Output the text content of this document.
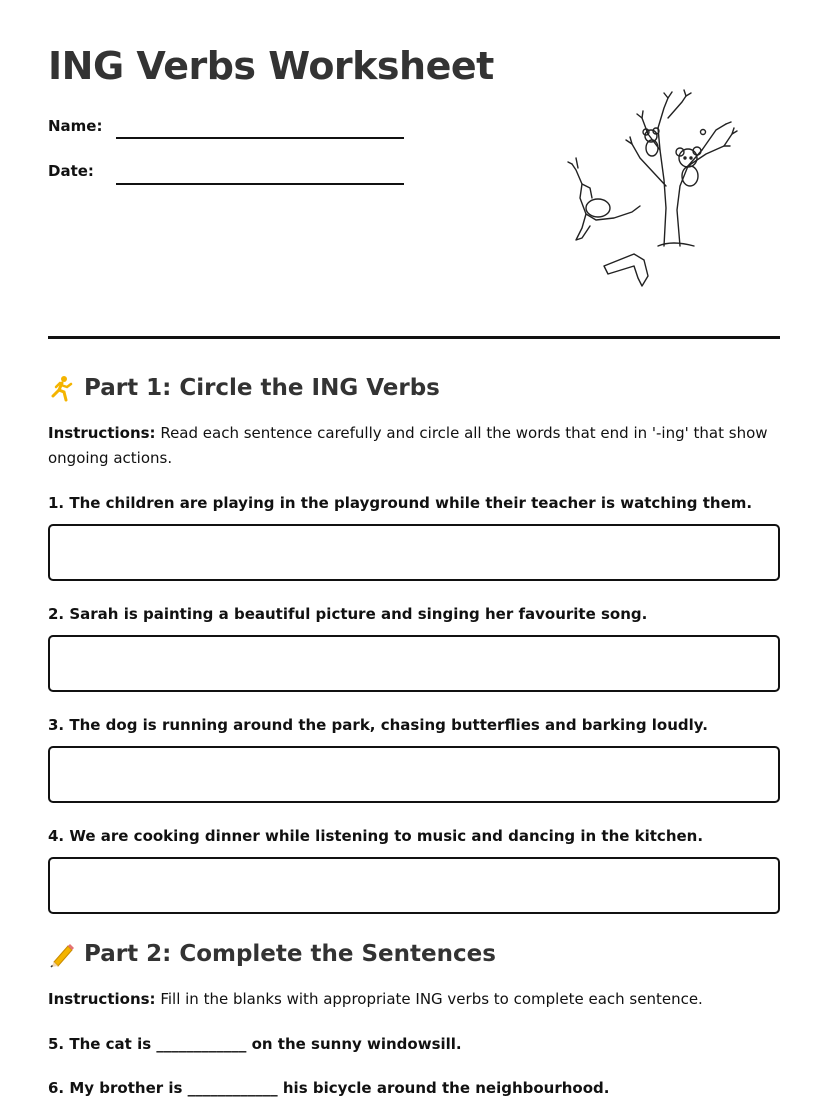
ING Verbs Worksheet
Name:
Date:
Part 1: Circle the ING Verbs
Instructions: Read each sentence carefully and circle all the words that end in '-ing' that show ongoing actions.
1. The children are playing in the playground while their teacher is watching them.
2. Sarah is painting a beautiful picture and singing her favourite song.
3. The dog is running around the park, chasing butterflies and barking loudly.
4. We are cooking dinner while listening to music and dancing in the kitchen.
Part 2: Complete the Sentences
Instructions: Fill in the blanks with appropriate ING verbs to complete each sentence.
5. The cat is ____________ on the sunny windowsill.
6. My brother is ____________ his bicycle around the neighbourhood.
